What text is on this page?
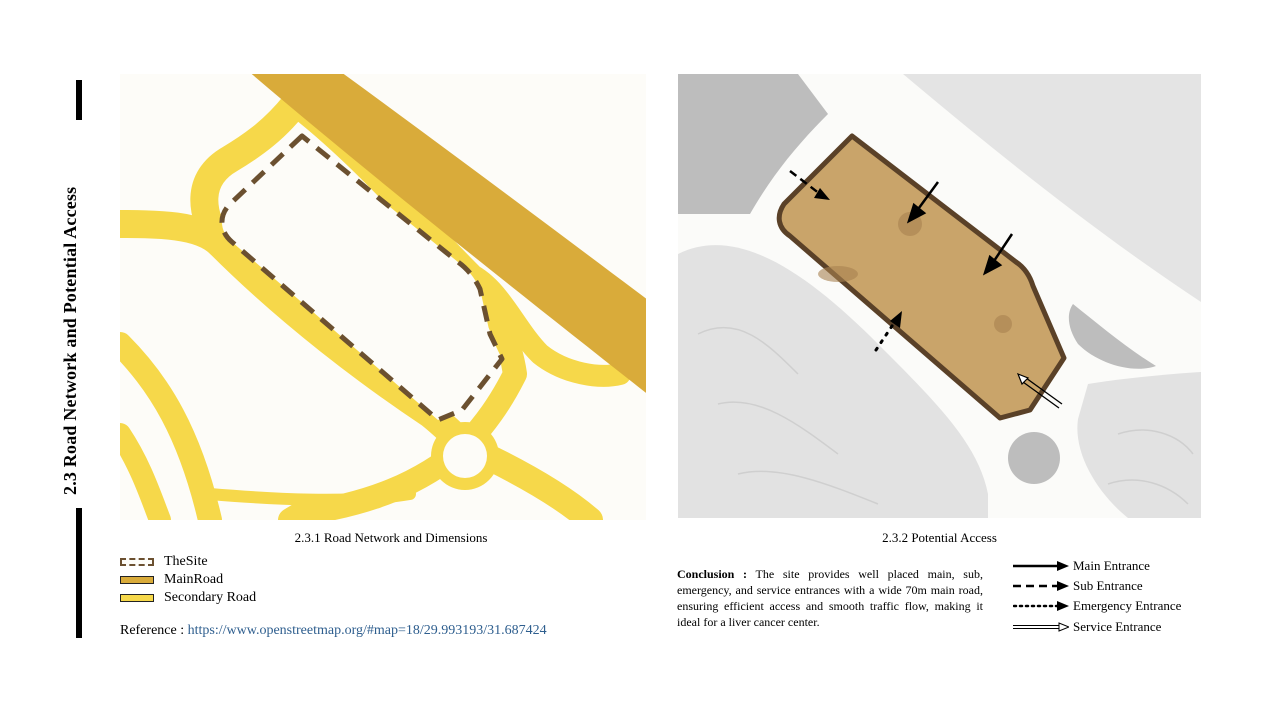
2.3 Road Network and Potential Access
2.3.1 Road Network and Dimensions	2.3.2 Potential Access
TheSite
MainRoad
Secondary Road
Reference : https://www.openstreetmap.org/#map=18/29.993193/31.687424
Conclusion : The site provides well placed main, sub, emergency, and service entrances with a wide 70m main road, ensuring efficient access and smooth traffic flow, making it ideal for a liver cancer center.
Main Entrance
Sub Entrance
Emergency Entrance
Service Entrance
